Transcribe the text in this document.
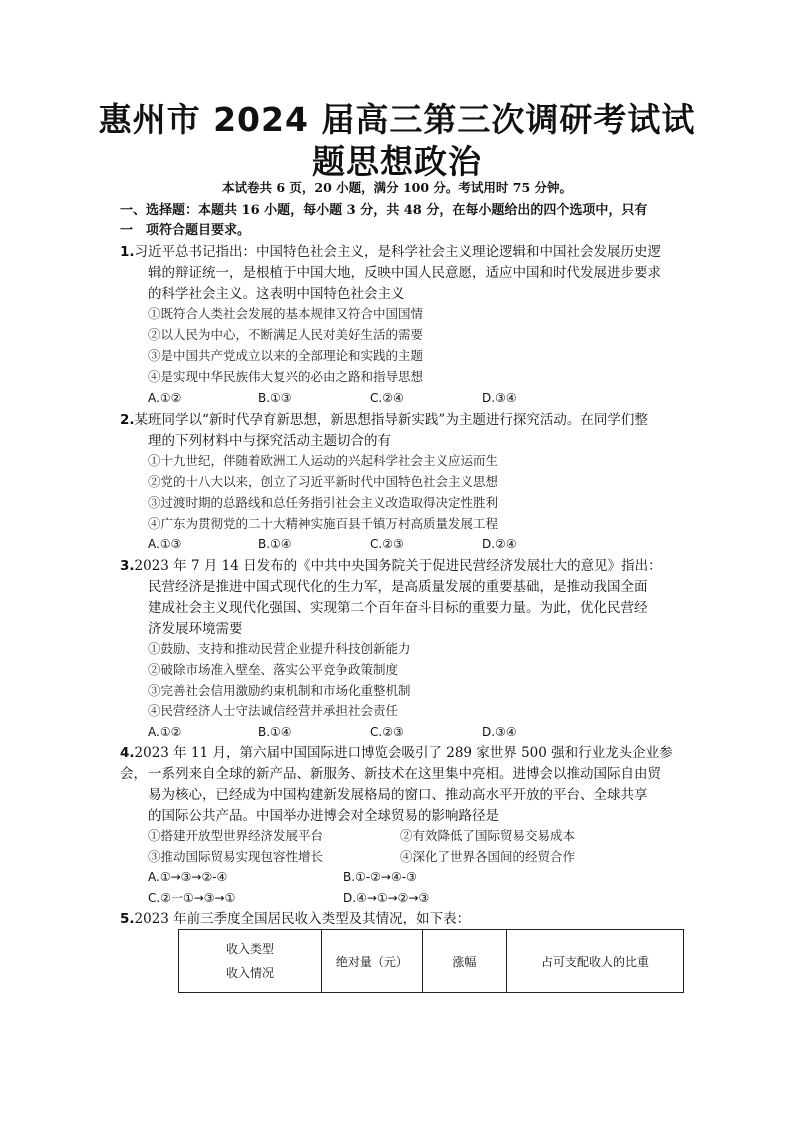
惠州市 2024 届高三第三次调研考试试
题思想政治
本试卷共 6 页，20 小题，满分 100 分。考试用时 75 分钟。
一、选择题：本题共 16 小题，每小题 3 分，共 48 分，在每小题给出的四个选项中，只有
一　项符合题目要求。
1.习近平总书记指出：中国特色社会主义，是科学社会主义理论逻辑和中国社会发展历史逻
辑的辩证统一，是根植于中国大地，反映中国人民意愿，适应中国和时代发展进步要求
的科学社会主义。这表明中国特色社会主义
①既符合人类社会发展的基本规律又符合中国国情
②以人民为中心，不断满足人民对美好生活的需要
③是中国共产党成立以来的全部理论和实践的主题
④是实现中华民族伟大复兴的必由之路和指导思想
A.①②	B.①③	C.②④	D.③④
2.某班同学以“新时代孕育新思想，新思想指导新实践”为主题进行探究活动。在同学们整
理的下列材料中与探究活动主题切合的有
①十九世纪，伴随着欧洲工人运动的兴起科学社会主义应运而生
②党的十八大以来，创立了习近平新时代中国特色社会主义思想
③过渡时期的总路线和总任务指引社会主义改造取得决定性胜利
④广东为贯彻党的二十大精神实施百县千镇万村高质量发展工程
A.①③	B.①④	C.②③	D.②④
3.2023 年 7 月 14 日发布的《中共中央国务院关于促进民营经济发展壮大的意见》指出：
民营经济是推进中国式现代化的生力军，是高质量发展的重要基础，是推动我国全面
建成社会主义现代化强国、实现第二个百年奋斗目标的重要力量。为此，优化民营经
济发展环境需要
①鼓励、支持和推动民营企业提升科技创新能力
②破除市场准入壁垒、落实公平竞争政策制度
③完善社会信用激励约束机制和市场化重整机制
④民营经济人士守法诚信经营并承担社会责任
A.①②	B.①④	C.②③	D.③④
4.2023 年 11 月，第六届中国国际进口博览会吸引了 289 家世界 500 强和行业龙头企业参会， 一系列来自全球的新产品、新服务、新技术在这里集中亮相。进博会以推动国际自由贸
易为核心，已经成为中国构建新发展格局的窗口、推动高水平开放的平台、全球共享
的国际公共产品。中国举办进博会对全球贸易的影响路径是
①搭建开放型世界经济发展平台	②有效降低了国际贸易交易成本
③推动国际贸易实现包容性增长	④深化了世界各国间的经贸合作
A.①→③→②-④	B.①-②→④-③
C.②一①→③→①	D.④→①→②→③
5.2023 年前三季度全国居民收入类型及其情况，如下表：
收入类型
收入情况
	绝对量（元）	涨幅	占可支配收人的比重
